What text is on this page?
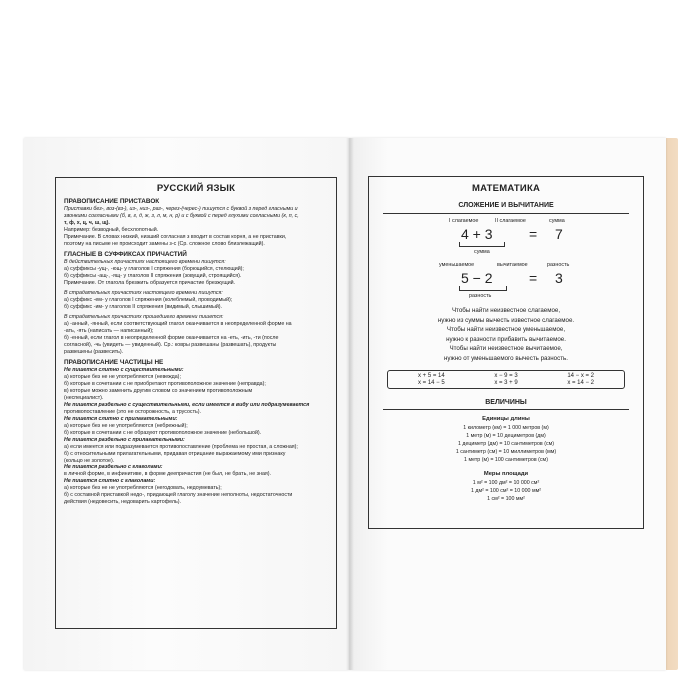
РУССКИЙ ЯЗЫК
ПРАВОПИСАНИЕ ПРИСТАВОК
Приставки без-, воз-(вз-), из-, низ-, раз-, через-(черес-) пишутся с буквой з перед гласными и
звонкими согласными (б, в, г, д, ж, з, л, м, н, р) и с буквой с перед глухими согласными (к, п, с,
т, ф, х, ц, ч, ш, щ).
Например: безводный, бесхлопотный.
Примечание. В словах низкий, низший согласная з входит в состав корня, а не приставки,
поэтому на письме не происходит замены з-с (Ср. сложное слово близлежащий).
ГЛАСНЫЕ В СУФФИКСАХ ПРИЧАСТИЙ
В действительных причастиях настоящего времени пишутся:
а) суффиксы -ущ-, -ющ- у глаголов I спряжения (борющийся, стелющий);
б) суффиксы -ащ-, -ящ- у глаголов II спряжения (зовущий, строящийся).
Примечание. От глагола брезжить образуется причастие брезжущий.
В страдательных причастиях настоящего времени пишутся:
а) суффикс -ем- у глаголов I спряжения (колеблемый, проводимый);
б) суффикс -им- у глаголов II спряжения (видимый, слышимый).
В страдательных причастиях прошедшего времени пишется:
а) -анный, -янный, если соответствующий глагол оканчивается в неопределенной форме на
-ать, -ять (написать — написанный);
б) -енный, если глагол в неопределенной форме оканчивается на -еть, -ить, -ти (после
согласной), -чь (увидеть — увиденный). Ср.: ковры развешаны (развешать), продукты
развешены (развесить).
ПРАВОПИСАНИЕ ЧАСТИЦЫ НЕ
Не пишется слитно с существительными:
а) которые без не не употребляются (невежда);
б) которые в сочетании с не приобретают противоположное значение (неправда);
в) которые можно заменить другим словом со значением противоположным
(неспециалист).
Не пишется раздельно с существительными, если имеется в виду или подразумевается
противопоставление (это не осторожность, а трусость).
Не пишется слитно с прилагательными:
а) которые без не не употребляются (небрежный);
б) которые в сочетании с не образуют противоположное значение (небольшой).
Не пишется раздельно с прилагательными:
а) если имеется или подразумевается противопоставление (проблема не простая, а сложная);
б) с относительными прилагательными, придавая отрицание выражаемому ими признаку
(кольцо не золотое).
Не пишется раздельно с глаголами:
в личной форме, в инфинитиве, в форме деепричастия (не был, не брать, не зная).
Не пишется слитно с глаголами:
а) которые без не не употребляются (негодовать, недоумевать);
б) с составной приставкой недо-, придающей глаголу значение неполноты, недостаточности
действия (недовесить, недоварить картофель).
МАТЕМАТИКА
СЛОЖЕНИЕ И ВЫЧИТАНИЕ
I слагаемое	II слагаемое	сумма
4 + 3	= 7
сумма
уменьшаемое	вычитаемое	разность
5 − 2	= 3
разность
Чтобы найти неизвестное слагаемое,
нужно из суммы вычесть известное слагаемое.
Чтобы найти неизвестное уменьшаемое,
нужно к разности прибавить вычитаемое.
Чтобы найти неизвестное вычитаемое,
нужно от уменьшаемого вычесть разность.
x + 5 = 14	x − 9 = 3	14 − x = 2
x = 14 − 5	x = 3 + 9	x = 14 − 2
ВЕЛИЧИНЫ
Единицы длины
1 километр (км) = 1 000 метров (м)
1 метр (м) = 10 дециметров (дм)
1 дециметр (дм) = 10 сантиметров (см)
1 сантиметр (см) = 10 миллиметров (мм)
1 метр (м) = 100 сантиметров (см)
Меры площади
1 м² = 100 дм² = 10 000 см²
1 дм² = 100 см² = 10 000 мм²
1 см² = 100 мм²
